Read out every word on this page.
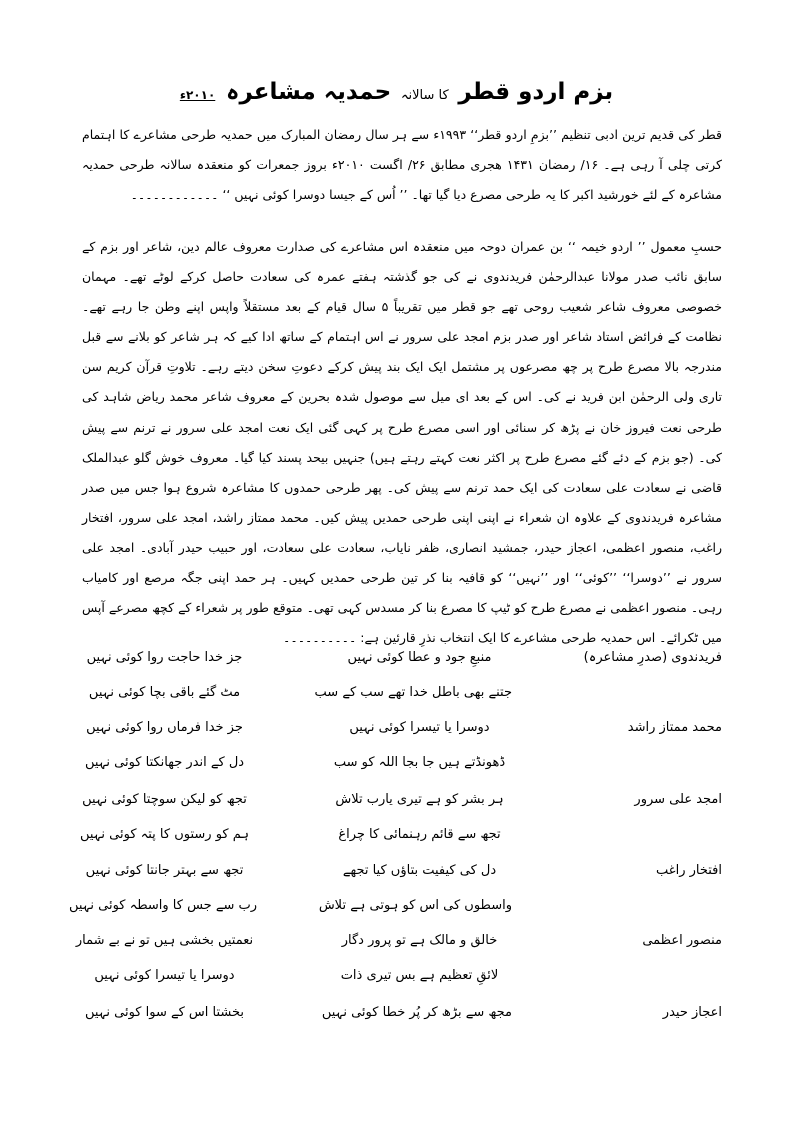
بزم اردو قطر کا سالانہ حمدیہ مشاعرہ ۲۰۱۰ء

قطر کی قدیم ترین ادبی تنظیم ’’بزمِ اردو قطر‘‘ ۱۹۹۳ء سے ہر سال رمضان المبارک میں حمدیہ طرحی مشاعرے کا اہتمام کرتی چلی آ رہی ہے۔ ۱۶/ رمضان ۱۴۳۱ ھجری مطابق ۲۶/ اگست ۲۰۱۰ء بروز جمعرات کو منعقدہ سالانہ طرحی حمدیہ مشاعرہ کے لئے خورشید اکبر کا یہ طرحی مصرع دیا گیا تھا۔ ’’ اُس کے جیسا دوسرا کوئی نہیں ‘‘ ۔۔۔۔۔۔۔۔۔۔۔۔

حسبِ معمول ’’ اردو خیمہ ‘‘ بن عمران دوحہ میں منعقدہ اس مشاعرے کی صدارت معروف عالم دین، شاعر اور بزم کے سابق نائب صدر مولانا عبدالرحمٰن فریدندوی نے کی جو گذشتہ ہفتے عمرہ کی سعادت حاصل کرکے لوٹے تھے۔ مہمان خصوصی معروف شاعر شعیب روحی تھے جو قطر میں تقریباً ۵ سال قیام کے بعد مستقلاً واپس اپنے وطن جا رہے تھے۔ نظامت کے فرائض استاد شاعر اور صدر بزم امجد علی سرور نے اس اہتمام کے ساتھ ادا کیے کہ ہر شاعر کو بلانے سے قبل مندرجہ بالا مصرع طرح پر چھ مصرعوں پر مشتمل ایک ایک بند پیش کرکے دعوتِ سخن دیتے رہے۔ تلاوتِ قرآن کریم سن تاری ولی الرحمٰن ابن فرید نے کی۔ اس کے بعد ای میل سے موصول شدہ بحرین کے معروف شاعر محمد ریاض شاہد کی طرحی نعت فیروز خان نے پڑھ کر سنائی اور اسی مصرع طرح پر کہی گئی ایک نعت امجد علی سرور نے ترنم سے پیش کی۔ (جو بزم کے دئے گئے مصرع طرح پر اکثر نعت کہتے رہتے ہیں) جنہیں بیحد پسند کیا گیا۔ معروف خوش گلو عبدالملک قاضی نے سعادت علی سعادت کی ایک حمد ترنم سے پیش کی۔ پھر طرحی حمدوں کا مشاعرہ شروع ہوا جس میں صدر مشاعرہ فریدندوی کے علاوہ ان شعراء نے اپنی اپنی طرحی حمدیں پیش کیں۔ محمد ممتاز راشد، امجد علی سرور، افتخار راغب، منصور اعظمی، اعجاز حیدر، جمشید انصاری، ظفر نایاب، سعادت علی سعادت، اور حبیب حیدر آبادی۔ امجد علی سرور نے ’’دوسرا‘‘ ’’کوئی‘‘ اور ’’نہیں‘‘ کو قافیہ بنا کر تین طرحی حمدیں کہیں۔ ہر حمد اپنی جگہ مرصع اور کامیاب رہی۔ منصور اعظمی نے مصرع طرح کو ٹیپ کا مصرع بنا کر مسدس کہی تھی۔ متوقع طور پر شعراء کے کچھ مصرعے آپس میں ٹکرائے۔ اس حمدیہ طرحی مشاعرے کا ایک انتخاب نذرِ قارئین ہے: ۔۔۔۔۔۔۔۔۔۔

فریدندوی (صدرِ مشاعرہ)
منبعِ جود و عطا کوئی نہیں
جز خدا حاجت روا کوئی نہیں
جتنے بھی باطل خدا تھے سب کے سب
مٹ گئے باقی بچا کوئی نہیں
محمد ممتاز راشد
دوسرا یا تیسرا کوئی نہیں
جز خدا فرماں روا کوئی نہیں
ڈھونڈتے ہیں جا بجا اللہ کو سب
دل کے اندر جھانکتا کوئی نہیں
امجد علی سرور
ہر بشر کو ہے تیری یارب تلاش
تجھ کو لیکن سوچتا کوئی نہیں
تجھ سے قائم رہنمائی کا چراغ
ہم کو رستوں کا پتہ کوئی نہیں
افتخار راغب
دل کی کیفیت بتاؤں کیا تجھے
تجھ سے بہتر جانتا کوئی نہیں
واسطوں کی اس کو ہوتی ہے تلاش
رب سے جس کا واسطہ کوئی نہیں
منصور اعظمی
خالق و مالک ہے تو پرور دگار
نعمتیں بخشی ہیں تو نے بے شمار
لائقِ تعظیم ہے بس تیری ذات
دوسرا یا تیسرا کوئی نہیں
اعجاز حیدر
مجھ سے بڑھ کر پُر خطا کوئی نہیں
بخشتا اس کے سوا کوئی نہیں
